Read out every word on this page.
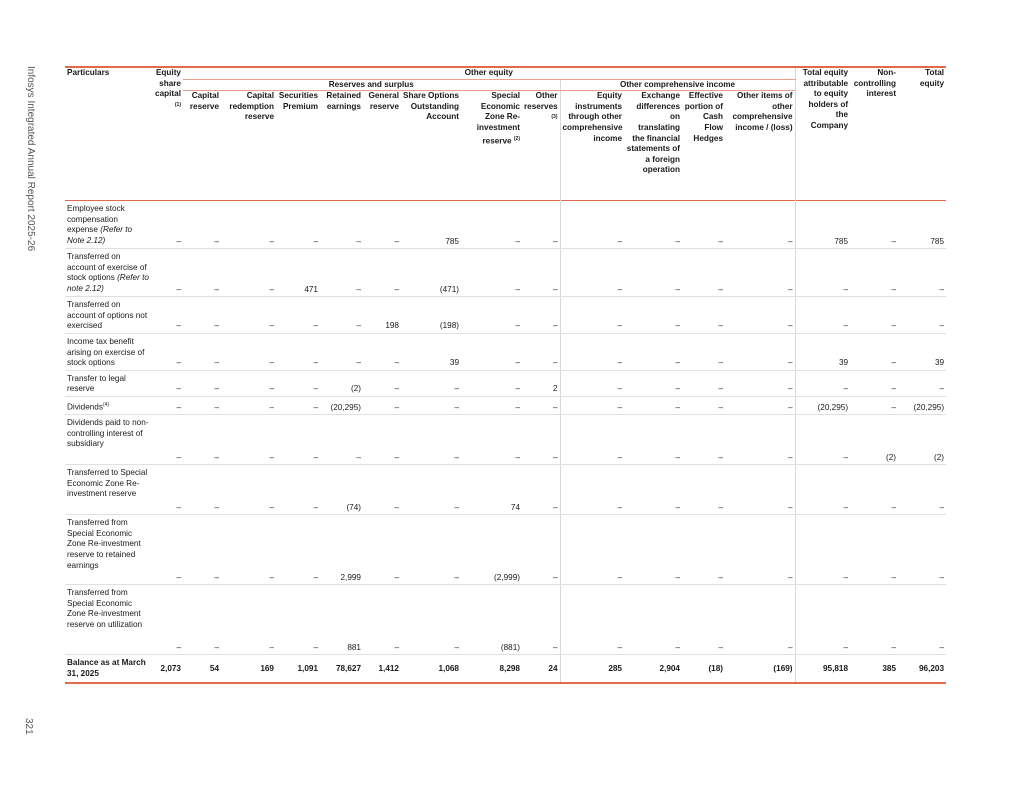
Infosys Integrated Annual Report 2025-26
321
Particulars	Equity share capital $^{(1)}$	Other equity												Total equity attributable to equity holders of the Company	Non-controlling interest	Total equity
		Reserves and surplus								Other comprehensive income						
		Capital reserve	Capital redemption reserve	Securities Premium	Retained earnings	General reserve	Share Options Outstanding Account	Special Economic Zone Re-investment reserve $^{(2)}$	Other reserves $^{(3)}$	Equity instruments through other comprehensive income	Exchange differences on translating the financial statements of a foreign operation	Effective portion of Cash Flow Hedges	Other items of other comprehensive income / (loss)			
Employee stock compensation expense (Refer to Note 2.12)	–	–	–	–	–	–	785	–	–	–	–	–	–	785	–	785
Transferred on account of exercise of stock options (Refer to note 2.12)	–	–	–	471	–	–	(471)	–	–	–	–	–	–	–	–	–
Transferred on account of options not exercised	–	–	–	–	–	198	(198)	–	–	–	–	–	–	–	–	–
Income tax benefit arising on exercise of stock options	–	–	–	–	–	–	39	–	–	–	–	–	–	39	–	39
Transfer to legal reserve	–	–	–	–	(2)	–	–	–	2	–	–	–	–	–	–	–
Dividends$^{(4)}$	–	–	–	–	(20,295)	–	–	–	–	–	–	–	–	(20,295)	–	(20,295)
Dividends paid to non-controlling interest of subsidiary	–	–	–	–	–	–	–	–	–	–	–	–	–	–	(2)	(2)
Transferred to Special Economic Zone Re-investment reserve	–	–	–	–	(74)	–	–	74	–	–	–	–	–	–	–	–
Transferred from Special Economic Zone Re-investment reserve to retained earnings	–	–	–	–	2,999	–	–	(2,999)	–	–	–	–	–	–	–	–
Transferred from Special Economic Zone Re-investment reserve on utilization	–	–	–	–	881	–	–	(881)	–	–	–	–	–	–	–	–
Balance as at March 31, 2025	2,073	54	169	1,091	78,627	1,412	1,068	8,298	24	285	2,904	(18)	(169)	95,818	385	96,203
